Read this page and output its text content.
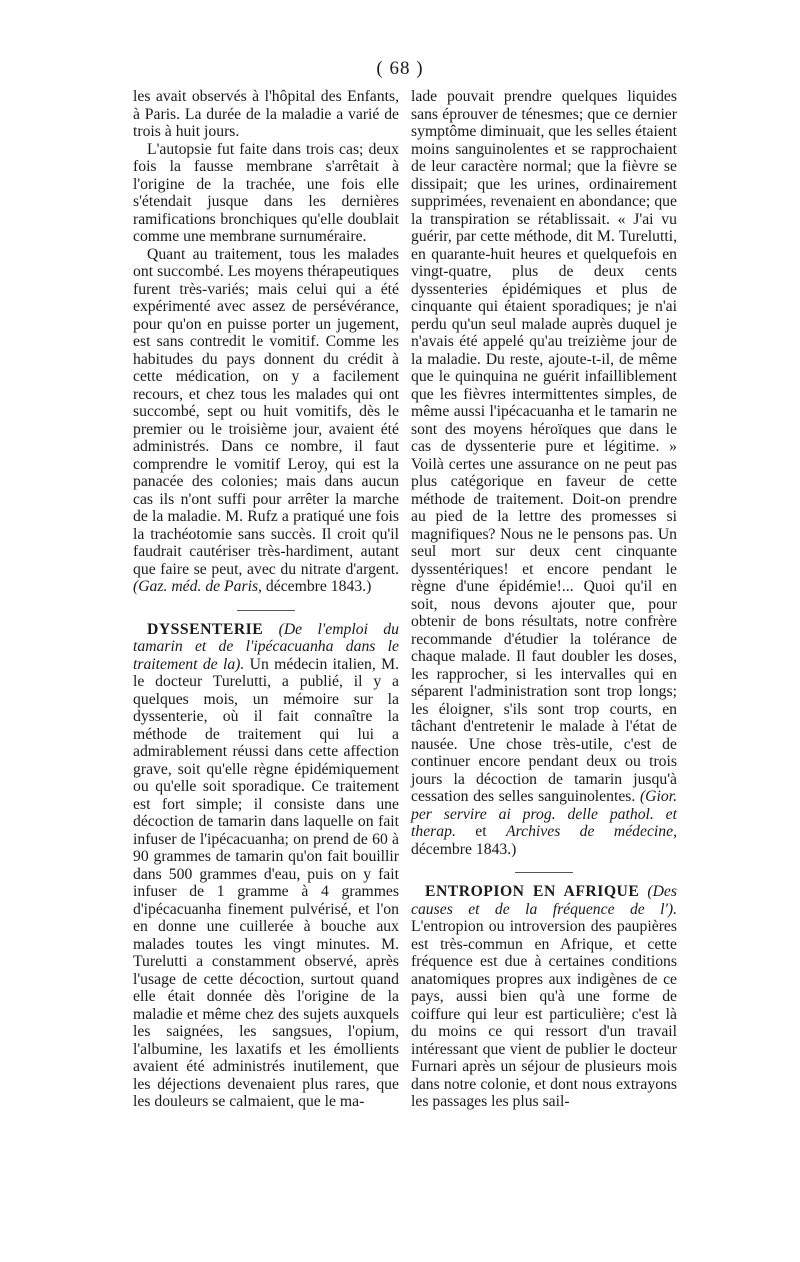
( 68 )

les avait observés à l'hôpital des Enfants, à Paris. La durée de la maladie a varié de trois à huit jours.

L'autopsie fut faite dans trois cas; deux fois la fausse membrane s'arrêtait à l'origine de la trachée, une fois elle s'étendait jusque dans les dernières ramifications bronchiques qu'elle doublait comme une membrane surnuméraire.

Quant au traitement, tous les malades ont succombé. Les moyens thérapeutiques furent très-variés; mais celui qui a été expérimenté avec assez de persévérance, pour qu'on en puisse porter un jugement, est sans contredit le vomitif. Comme les habitudes du pays donnent du crédit à cette médication, on y a facilement recours, et chez tous les malades qui ont succombé, sept ou huit vomitifs, dès le premier ou le troisième jour, avaient été administrés. Dans ce nombre, il faut comprendre le vomitif Leroy, qui est la panacée des colonies; mais dans aucun cas ils n'ont suffi pour arrêter la marche de la maladie. M. Rufz a pratiqué une fois la trachéotomie sans succès. Il croit qu'il faudrait cautériser très-hardiment, autant que faire se peut, avec du nitrate d'argent. (Gaz. méd. de Paris, décembre 1843.)

DYSSENTERIE (De l'emploi du tamarin et de l'ipécacuanha dans le traitement de la). Un médecin italien, M. le docteur Turelutti, a publié, il y a quelques mois, un mémoire sur la dyssenterie, où il fait connaître la méthode de traitement qui lui a admirablement réussi dans cette affection grave, soit qu'elle règne épidémiquement ou qu'elle soit sporadique. Ce traitement est fort simple; il consiste dans une décoction de tamarin dans laquelle on fait infuser de l'ipécacuanha; on prend de 60 à 90 grammes de tamarin qu'on fait bouillir dans 500 grammes d'eau, puis on y fait infuser de 1 gramme à 4 grammes d'ipécacuanha finement pulvérisé, et l'on en donne une cuillerée à bouche aux malades toutes les vingt minutes. M. Turelutti a constamment observé, après l'usage de cette décoction, surtout quand elle était donnée dès l'origine de la maladie et même chez des sujets auxquels les saignées, les sangsues, l'opium, l'albumine, les laxatifs et les émollients avaient été administrés inutilement, que les déjections devenaient plus rares, que les douleurs se calmaient, que le ma-

lade pouvait prendre quelques liquides sans éprouver de ténesmes; que ce dernier symptôme diminuait, que les selles étaient moins sanguinolentes et se rapprochaient de leur caractère normal; que la fièvre se dissipait; que les urines, ordinairement supprimées, revenaient en abondance; que la transpiration se rétablissait. « J'ai vu guérir, par cette méthode, dit M. Turelutti, en quarante-huit heures et quelquefois en vingt-quatre, plus de deux cents dyssenteries épidémiques et plus de cinquante qui étaient sporadiques; je n'ai perdu qu'un seul malade auprès duquel je n'avais été appelé qu'au treizième jour de la maladie. Du reste, ajoute-t-il, de même que le quinquina ne guérit infailliblement que les fièvres intermittentes simples, de même aussi l'ipécacuanha et le tamarin ne sont des moyens héroïques que dans le cas de dyssenterie pure et légitime. » Voilà certes une assurance on ne peut pas plus catégorique en faveur de cette méthode de traitement. Doit-on prendre au pied de la lettre des promesses si magnifiques? Nous ne le pensons pas. Un seul mort sur deux cent cinquante dyssentériques! et encore pendant le règne d'une épidémie!... Quoi qu'il en soit, nous devons ajouter que, pour obtenir de bons résultats, notre confrère recommande d'étudier la tolérance de chaque malade. Il faut doubler les doses, les rapprocher, si les intervalles qui en séparent l'administration sont trop longs; les éloigner, s'ils sont trop courts, en tâchant d'entretenir le malade à l'état de nausée. Une chose très-utile, c'est de continuer encore pendant deux ou trois jours la décoction de tamarin jusqu'à cessation des selles sanguinolentes. (Gior. per servire ai prog. delle pathol. et therap. et Archives de médecine, décembre 1843.)

ENTROPION EN AFRIQUE (Des causes et de la fréquence de l'). L'entropion ou introversion des paupières est très-commun en Afrique, et cette fréquence est due à certaines conditions anatomiques propres aux indigènes de ce pays, aussi bien qu'à une forme de coiffure qui leur est particulière; c'est là du moins ce qui ressort d'un travail intéressant que vient de publier le docteur Furnari après un séjour de plusieurs mois dans notre colonie, et dont nous extrayons les passages les plus sail-
